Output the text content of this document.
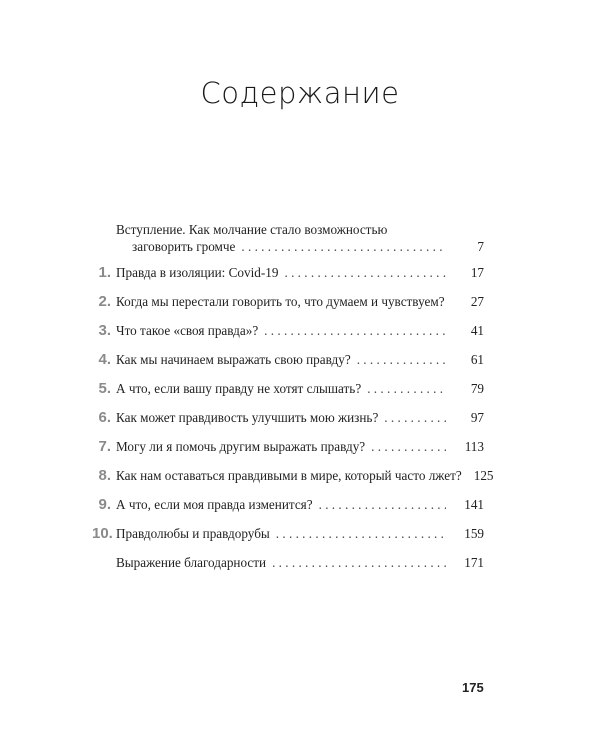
Содержание
Вступление. Как молчание стало возможностью
заговорить громче . . .	7
1. Правда в изоляции: Covid-19 . . .	17
2. Когда мы перестали говорить то, что думаем и чувствуем?	27
3. Что такое «своя правда»? . . .	41
4. Как мы начинаем выражать свою правду? . . .	61
5. А что, если вашу правду не хотят слышать? . . .	79
6. Как может правдивость улучшить мою жизнь? . . .	97
7. Могу ли я помочь другим выражать правду? . . .	113
8. Как нам оставаться правдивыми в мире, который часто лжет? 125
9. А что, если моя правда изменится? . . .	141
10. Правдолюбы и правдорубы . . .	159
Выражение благодарности . . .	171
175
